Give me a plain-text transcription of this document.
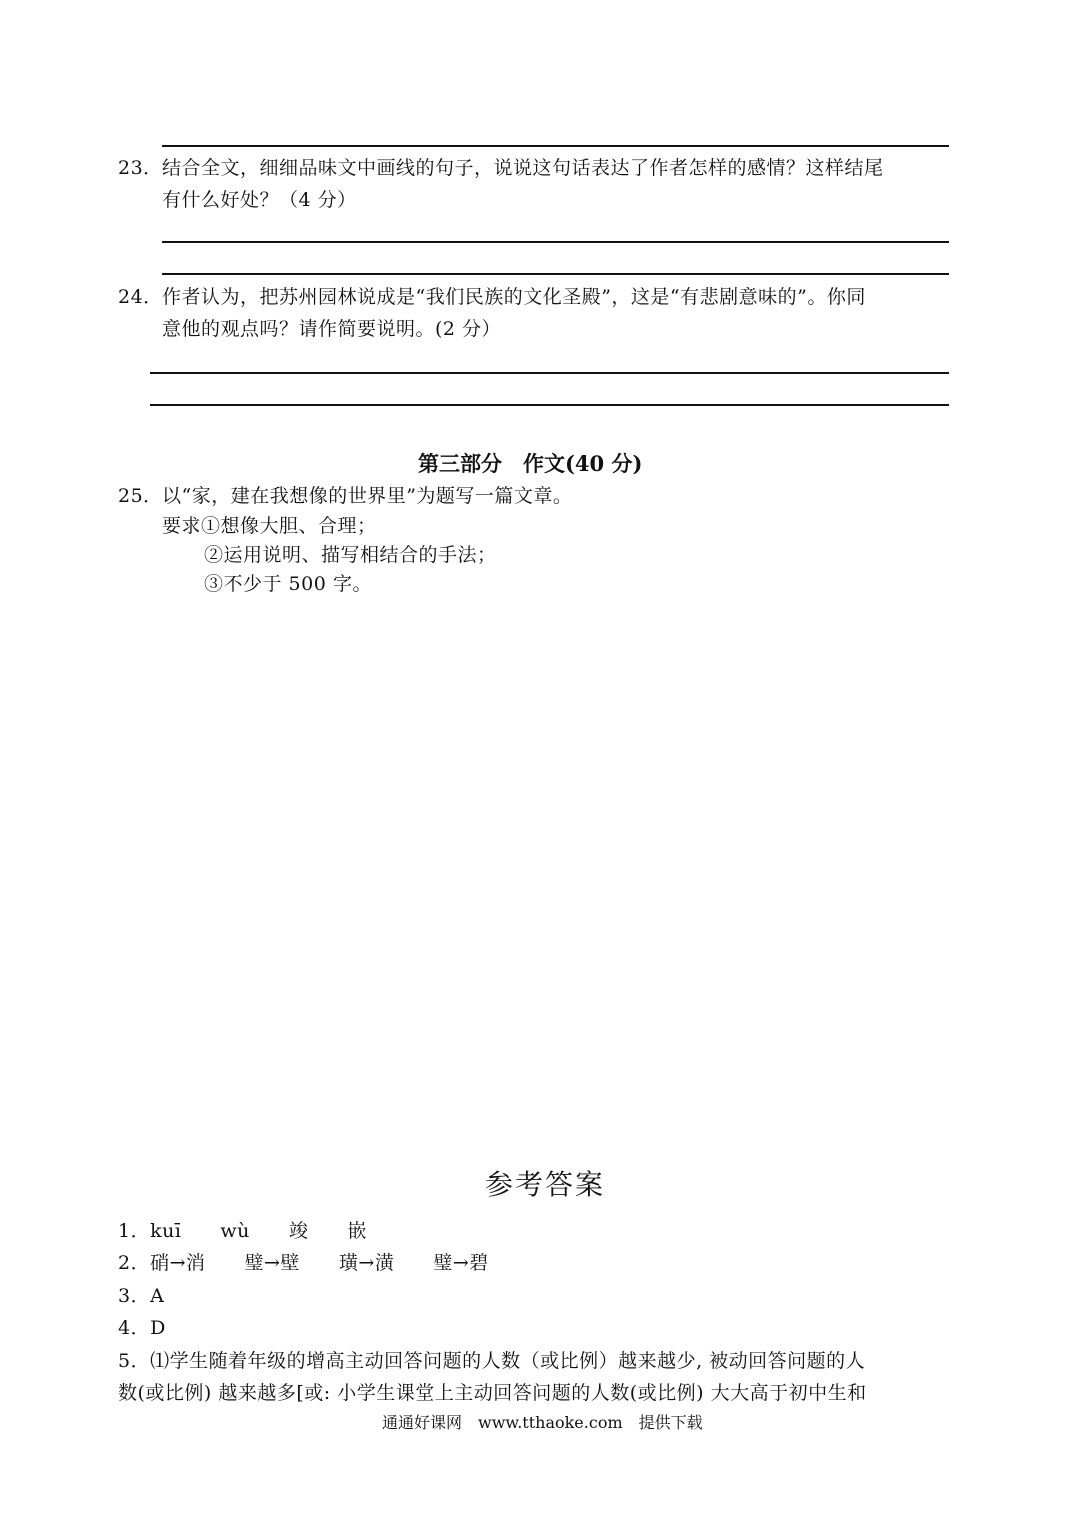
23．结合全文，细细品味文中画线的句子，说说这句话表达了作者怎样的感情？这样结尾
有什么好处？（4 分）
24．作者认为，把苏州园林说成是“我们民族的文化圣殿”，这是“有悲剧意味的”。你同
意他的观点吗？请作简要说明。(2 分）
第三部分　作文(40 分)
25．以“家，建在我想像的世界里”为题写一篇文章。
要求①想像大胆、合理；
②运用说明、描写相结合的手法；
③不少于 500 字。
参考答案
1．kuī　　wù　　竣　　嵌
2．硝→消　　璧→壁　　璜→潢　　璧→碧
3．A
4．D
5．⑴学生随着年级的增高主动回答问题的人数（或比例）越来越少, 被动回答问题的人
数(或比例) 越来越多[或: 小学生课堂上主动回答问题的人数(或比例) 大大高于初中生和
通通好课网　www.tthaoke.com　提供下载
